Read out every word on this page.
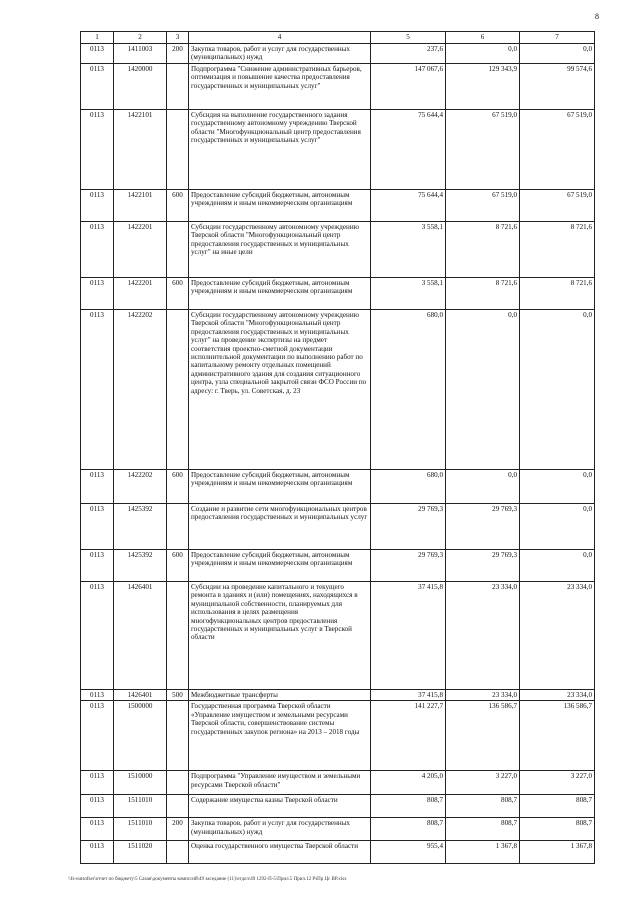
8
1	2	3	4	5	6	7
0113	1411003	200	Закупка товаров, работ и услуг для государственных (муниципальных) нужд	237,6	0,0	0,0
0113	1420000		Подпрограмма "Снижение административных барьеров, оптимизация и повышение качества предоставления государственных и муниципальных услуг"	147 067,6	129 343,9	99 574,6
0113	1422101		Субсидия на выполнение государственного задания государственному автономному учреждению Тверской области "Многофункциональный центр предоставления государственных и муниципальных услуг"	75 644,4	67 519,0	67 519,0
0113	1422101	600	Предоставление субсидий бюджетным, автономным учреждениям и иным некоммерческим организациям	75 644,4	67 519,0	67 519,0
0113	1422201		Субсидии государственному автономному учреждению Тверской области "Многофункциональный центр предоставления государственных и муниципальных услуг" на иные цели	3 558,1	8 721,6	8 721,6
0113	1422201	600	Предоставление субсидий бюджетным, автономным учреждениям и иным некоммерческим организациям	3 558,1	8 721,6	8 721,6
0113	1422202		Субсидии государственному автономному учреждению Тверской области "Многофункциональный центр предоставления государственных и муниципальных услуг" на проведение экспертизы на предмет соответствия проектно-сметной документации исполнительной документации по выполнению работ по капитальному ремонту отдельных помещений административного здания для создания ситуационного центра, узла специальной закрытой связи ФСО России по адресу: г. Тверь, ул. Советская, д. 23	680,0	0,0	0,0
0113	1422202	600	Предоставление субсидий бюджетным, автономным учреждениям и иным некоммерческим организациям	680,0	0,0	0,0
0113	1425392		Создание и развитие сети многофункциональных центров предоставления государственных и муниципальных услуг	29 769,3	29 769,3	0,0
0113	1425392	600	Предоставление субсидий бюджетным, автономным учреждениям и иным некоммерческим организациям	29 769,3	29 769,3	0,0
0113	1426401		Субсидии на проведение капитального и текущего ремонта в зданиях и (или) помещениях, находящихся в муниципальной собственности, планируемых для использования в целях размещения многофункциональных центров предоставления государственных и муниципальных услуг в Тверской области	37 415,8	23 334,0	23 334,0
0113	1426401	500	Межбюджетные трансферты	37 415,8	23 334,0	23 334,0
0113	1500000		Государственная программа Тверской области «Управление имуществом и земельными ресурсами Тверской области, совершенствование системы государственных закупок региона» на 2013 – 2018 годы	141 227,7	136 586,7	136 586,7
0113	1510000		Подпрограмма "Управление имуществом и земельными ресурсами Тверской области"	4 205,0	3 227,0	3 227,0
0113	1511010		Содержание имущества казны Тверской области	808,7	808,7	808,7
0113	1511010	200	Закупка товаров, работ и услуг для государственных (муниципальных) нужд	808,7	808,7	808,7
0113	1511020		Оценка государственного имущества Тверской области	955,4	1 367,8	1 367,8
\\fs-outsofser\отчет по бюджету\5 Сазан\документы комиссий\49 заседание (11)\отдел\49 1292-П-5\Прил.5 Прил.12 РзПр Цс ВР.xlsx
